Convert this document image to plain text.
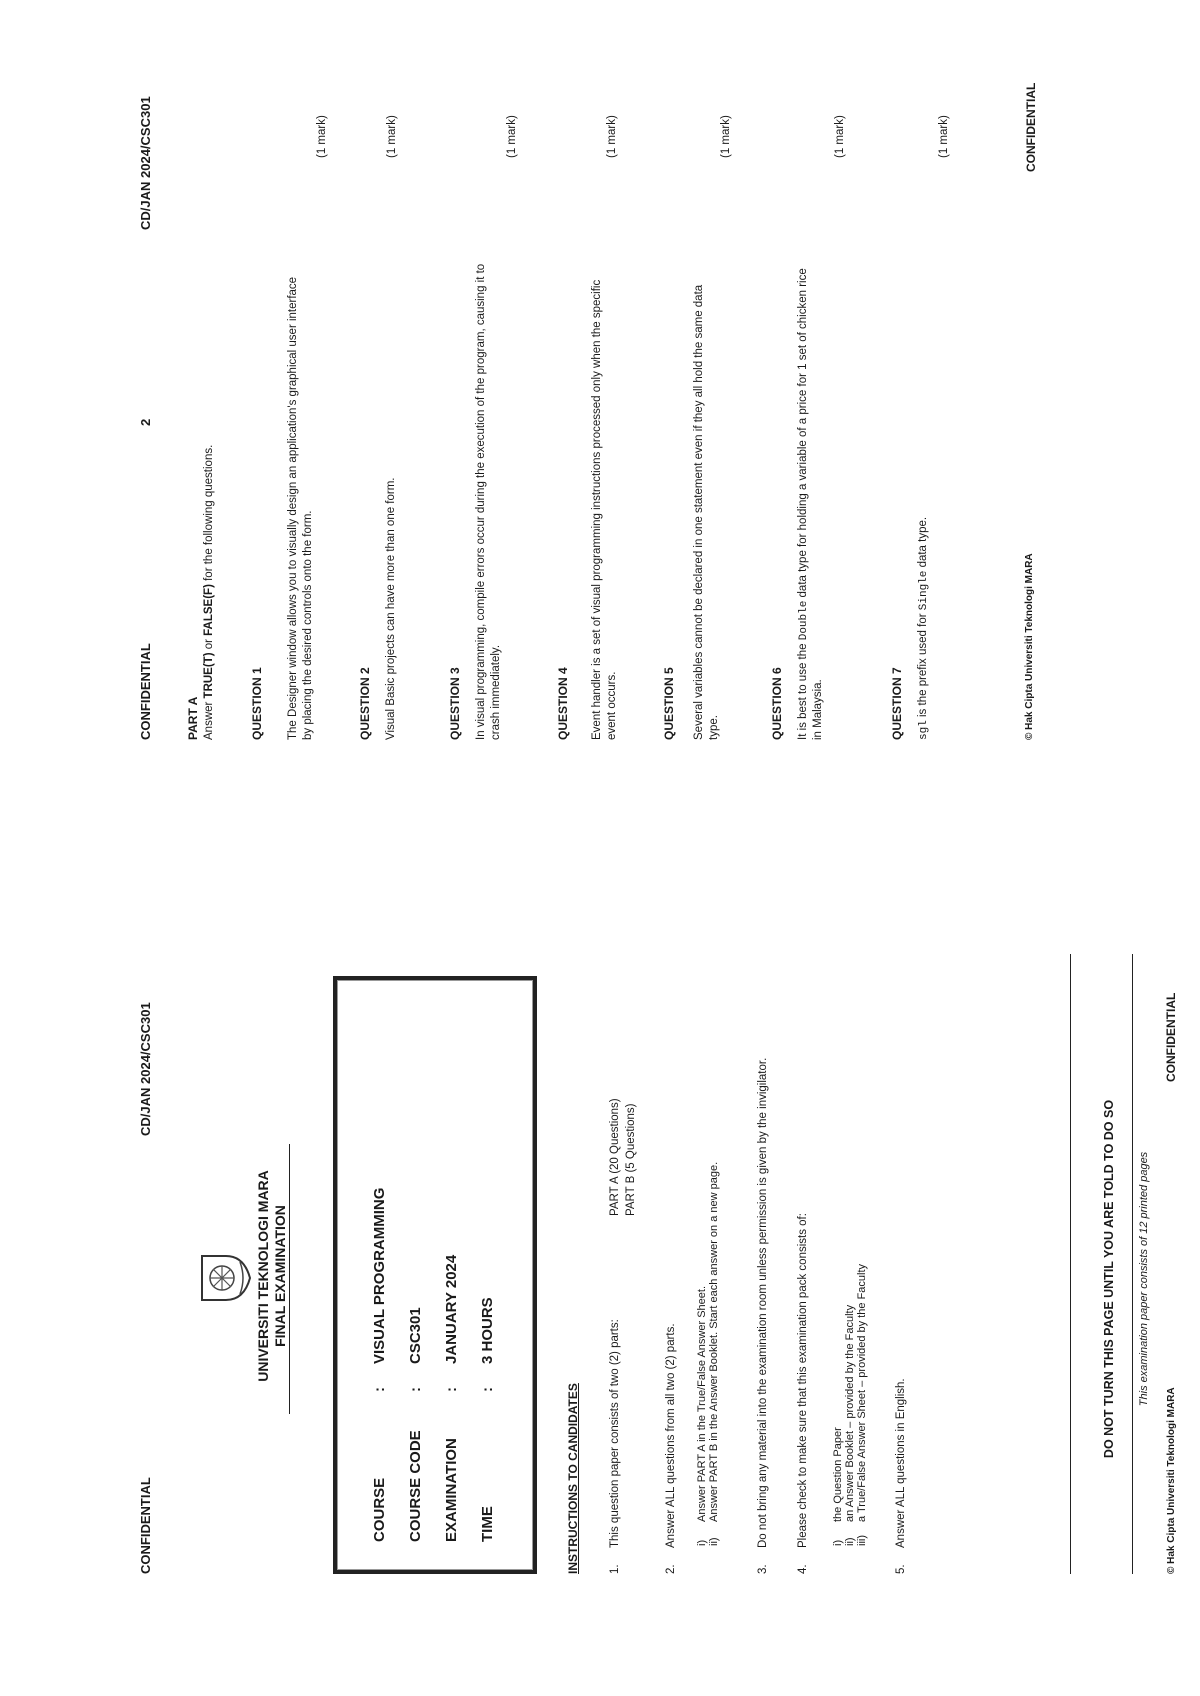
CONFIDENTIAL
CD/JAN 2024/CSC301
UNIVERSITI TEKNOLOGI MARA FINAL EXAMINATION
COURSE:VISUAL PROGRAMMING
COURSE CODE:CSC301
EXAMINATION:JANUARY 2024
TIME:3 HOURS
INSTRUCTIONS TO CANDIDATES	1.This question paper consists of two (2) parts:
PART A (20 Questions) PART B (5 Questions)
2.Answer ALL questions from all two (2) parts. i)Answer PART A in the True/False Answer Sheet.
ii)Answer PART B in the Answer Booklet. Start each answer on a new page.
3.Do not bring any material into the examination room unless permission is given by the invigilator.
4.Please check to make sure that this examination pack consists of: i)the Question Paper
ii)an Answer Booklet – provided by the Faculty
iii)a True/False Answer Sheet – provided by the Faculty
5.Answer ALL questions in English.
DO NOT TURN THIS PAGE UNTIL YOU ARE TOLD TO DO SO This examination paper consists of 12 printed pages
© Hak Cipta Universiti Teknologi MARA
CONFIDENTIAL
CONFIDENTIAL
2
CD/JAN 2024/CSC301
PART A Answer TRUE(T) or FALSE(F) for the following questions.
QUESTION 1 The Designer window allows you to visually design an application's graphical user interface by placing the desired controls onto the form.
(1 mark)
QUESTION 2 Visual Basic projects can have more than one form.
(1 mark)
QUESTION 3 In visual programming, compile errors occur during the execution of the program, causing it to crash immediately.
(1 mark)
QUESTION 4 Event handler is a set of visual programming instructions processed only when the specific event occurs.
(1 mark)
QUESTION 5 Several variables cannot be declared in one statement even if they all hold the same data type.
(1 mark)
QUESTION 6 It is best to use the Double data type for holding a variable of a price for 1 set of chicken rice
in Malaysia.
(1 mark)
QUESTION 7 sgl is the prefix used for Single data type.
(1 mark)
© Hak Cipta Universiti Teknologi MARA
CONFIDENTIAL
